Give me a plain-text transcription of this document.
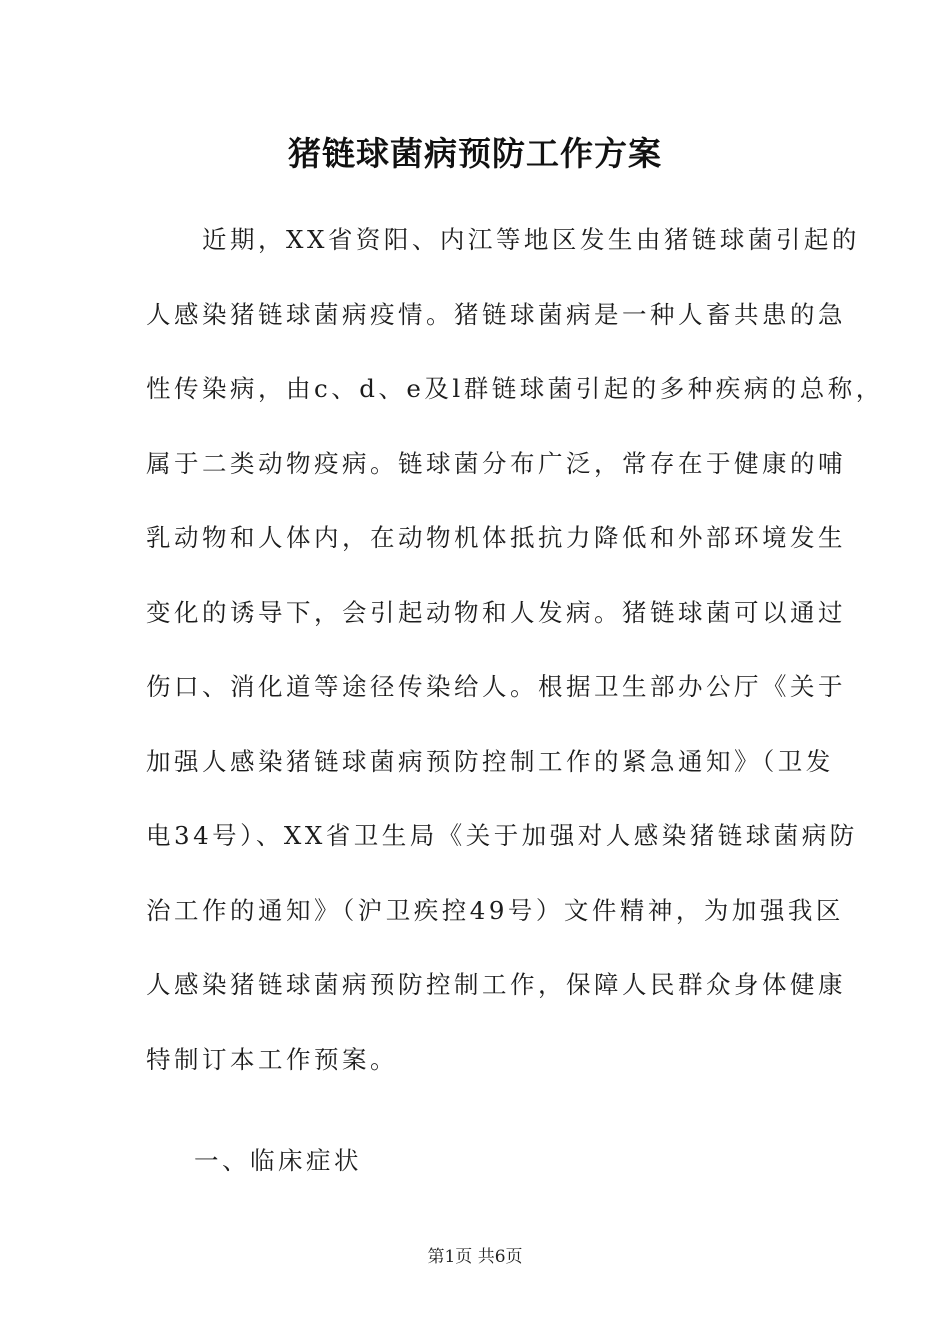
猪链球菌病预防工作方案
　　近期，XX省资阳、内江等地区发生由猪链球菌引起的
人感染猪链球菌病疫情。猪链球菌病是一种人畜共患的急
性传染病，由c、d、e及l群链球菌引起的多种疾病的总称，
属于二类动物疫病。链球菌分布广泛，常存在于健康的哺
乳动物和人体内，在动物机体抵抗力降低和外部环境发生
变化的诱导下，会引起动物和人发病。猪链球菌可以通过
伤口、消化道等途径传染给人。根据卫生部办公厅《关于
加强人感染猪链球菌病预防控制工作的紧急通知》（卫发
电34号）、XX省卫生局《关于加强对人感染猪链球菌病防
治工作的通知》（沪卫疾控49号）文件精神，为加强我区
人感染猪链球菌病预防控制工作，保障人民群众身体健康
特制订本工作预案。
一、临床症状
第1页 共6页
